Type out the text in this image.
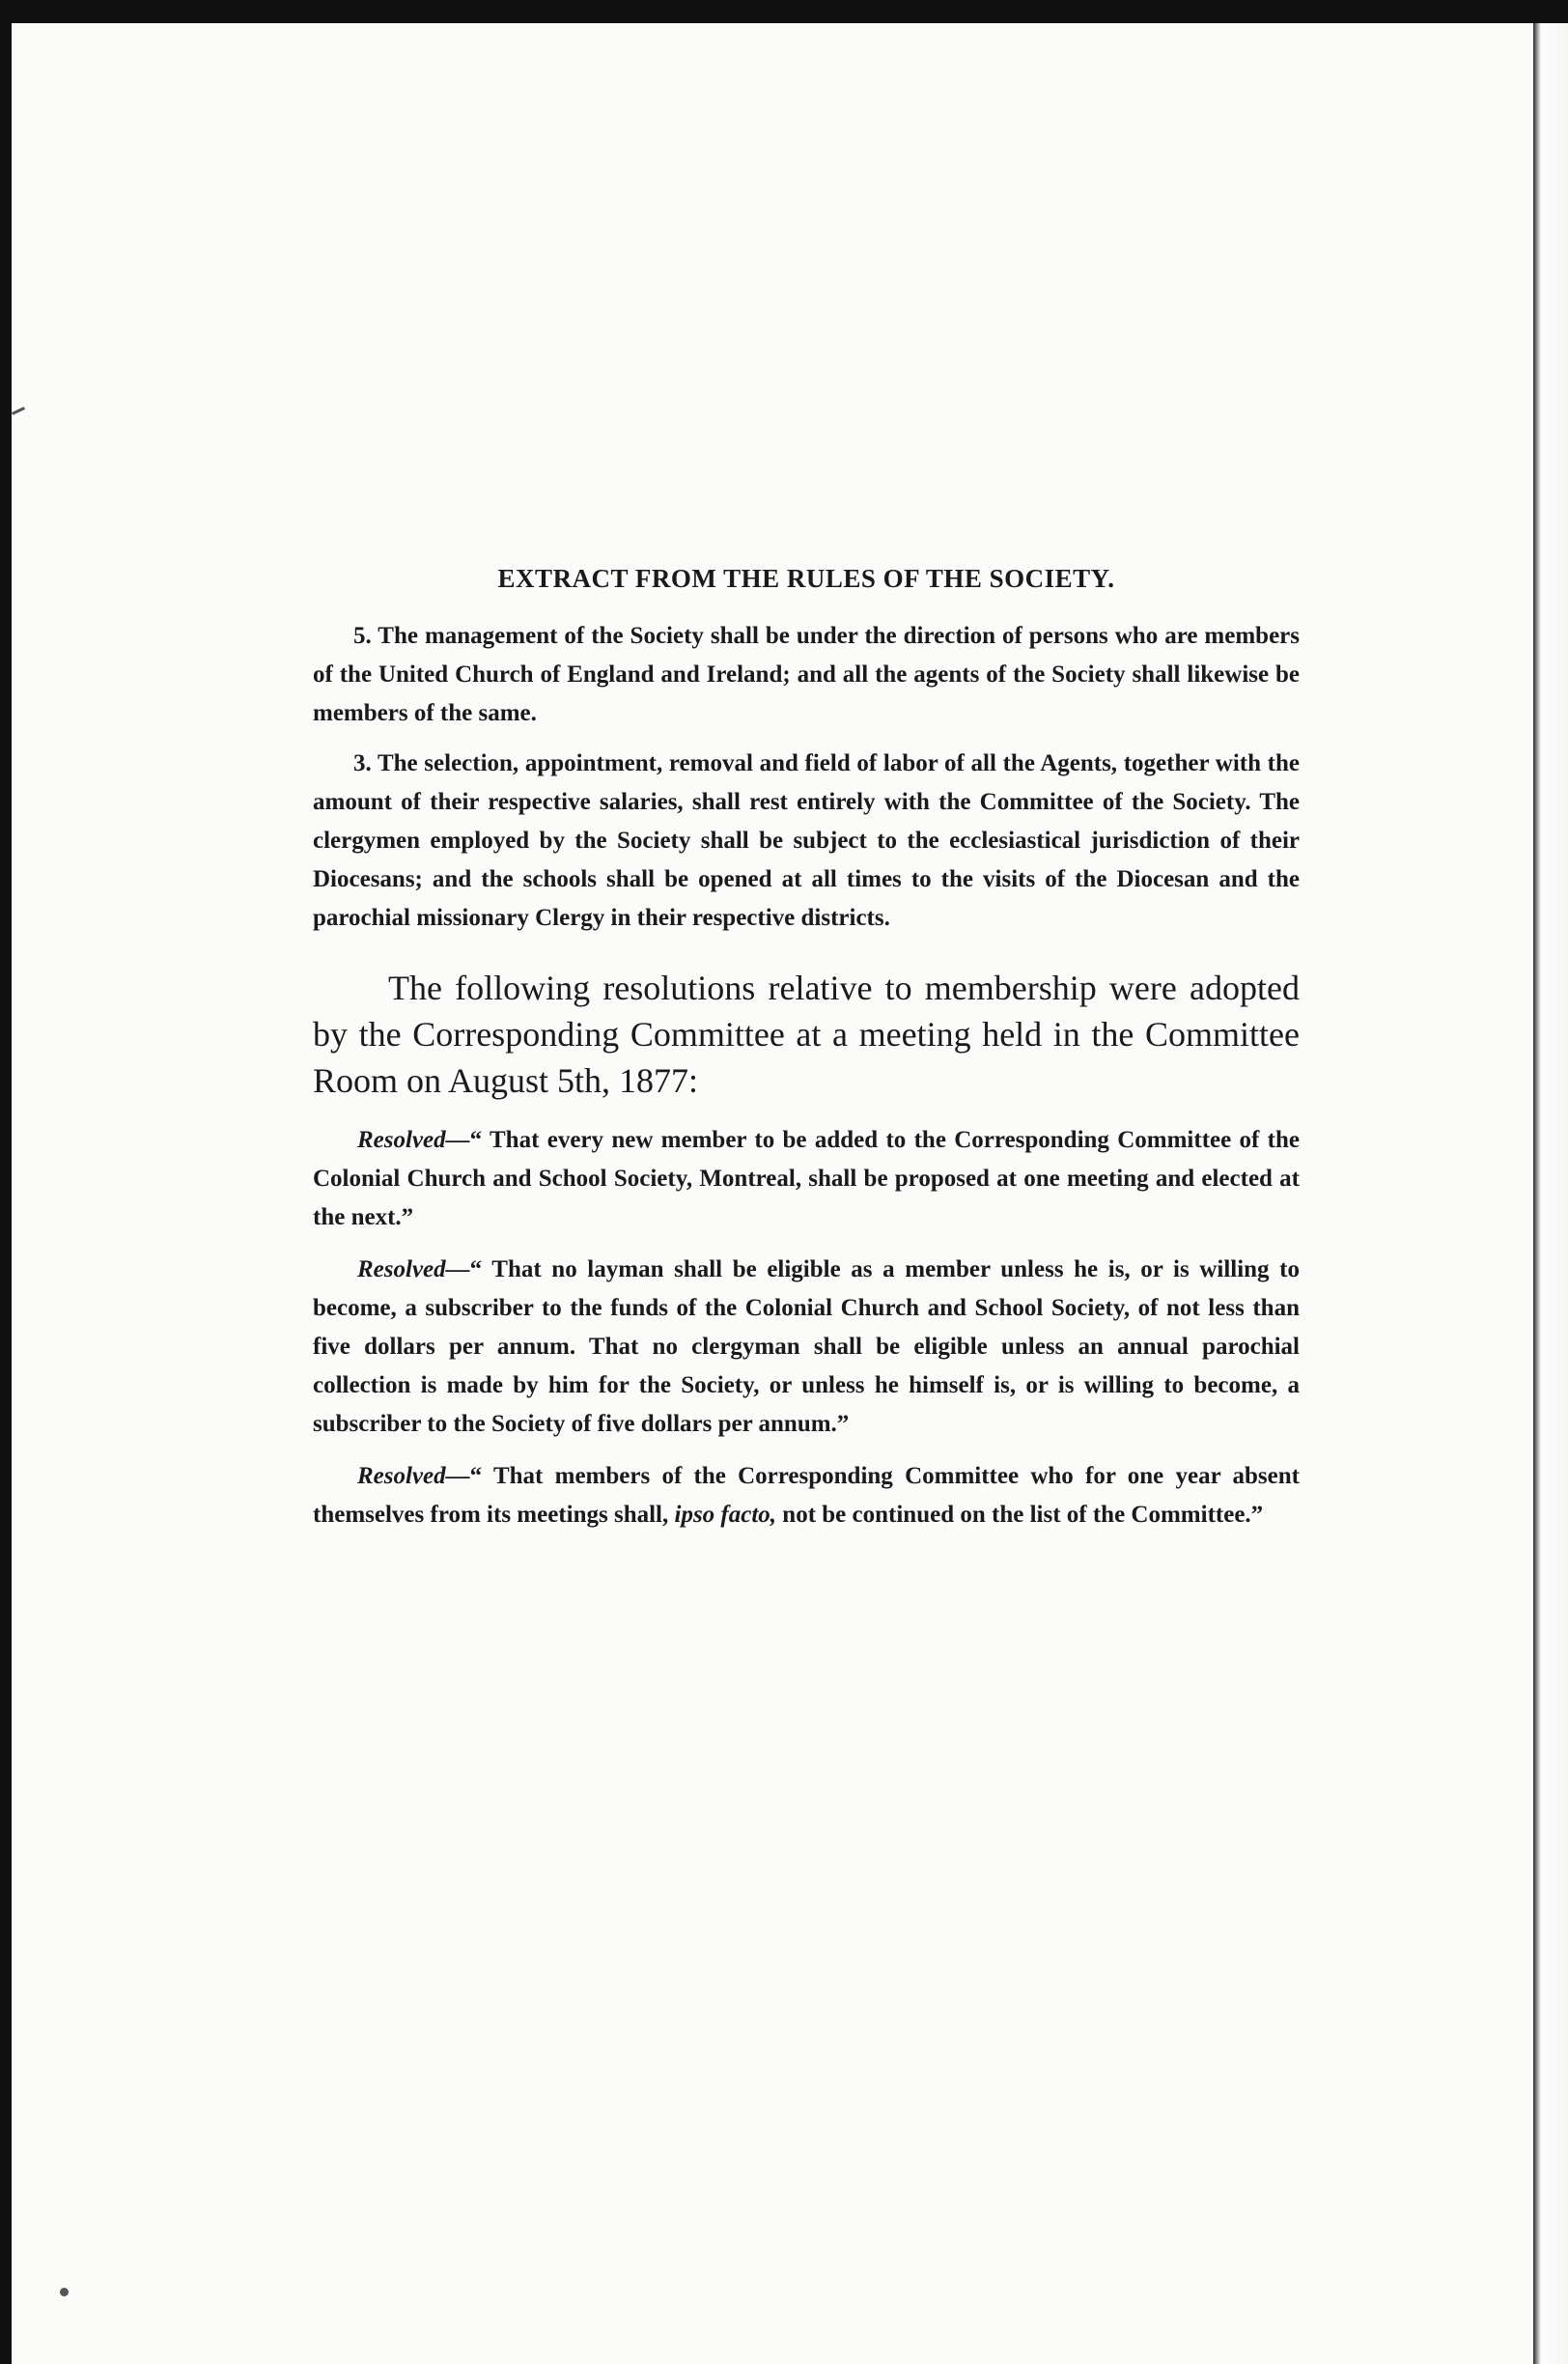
EXTRACT FROM THE RULES OF THE SOCIETY.

5. The management of the Society shall be under the direction of persons who are members of the United Church of England and Ireland; and all the agents of the Society shall likewise be members of the same.

3. The selection, appointment, removal and field of labor of all the Agents, together with the amount of their respective salaries, shall rest entirely with the Committee of the Society. The clergymen employed by the Society shall be subject to the ecclesiastical jurisdiction of their Diocesans; and the schools shall be opened at all times to the visits of the Diocesan and the parochial missionary Clergy in their respective districts.

The following resolutions relative to membership were adopted by the Corresponding Committee at a meeting held in the Committee Room on August 5th, 1877:

Resolved—“ That every new member to be added to the Corresponding Committee of the Colonial Church and School Society, Montreal, shall be proposed at one meeting and elected at the next.”

Resolved—“ That no layman shall be eligible as a member unless he is, or is willing to become, a subscriber to the funds of the Colonial Church and School Society, of not less than five dollars per annum. That no clergyman shall be eligible unless an annual parochial collection is made by him for the Society, or unless he himself is, or is willing to become, a subscriber to the Society of five dollars per annum.”

Resolved—“ That members of the Corresponding Committee who for one year absent themselves from its meetings shall, ipso facto, not be continued on the list of the Committee.”
